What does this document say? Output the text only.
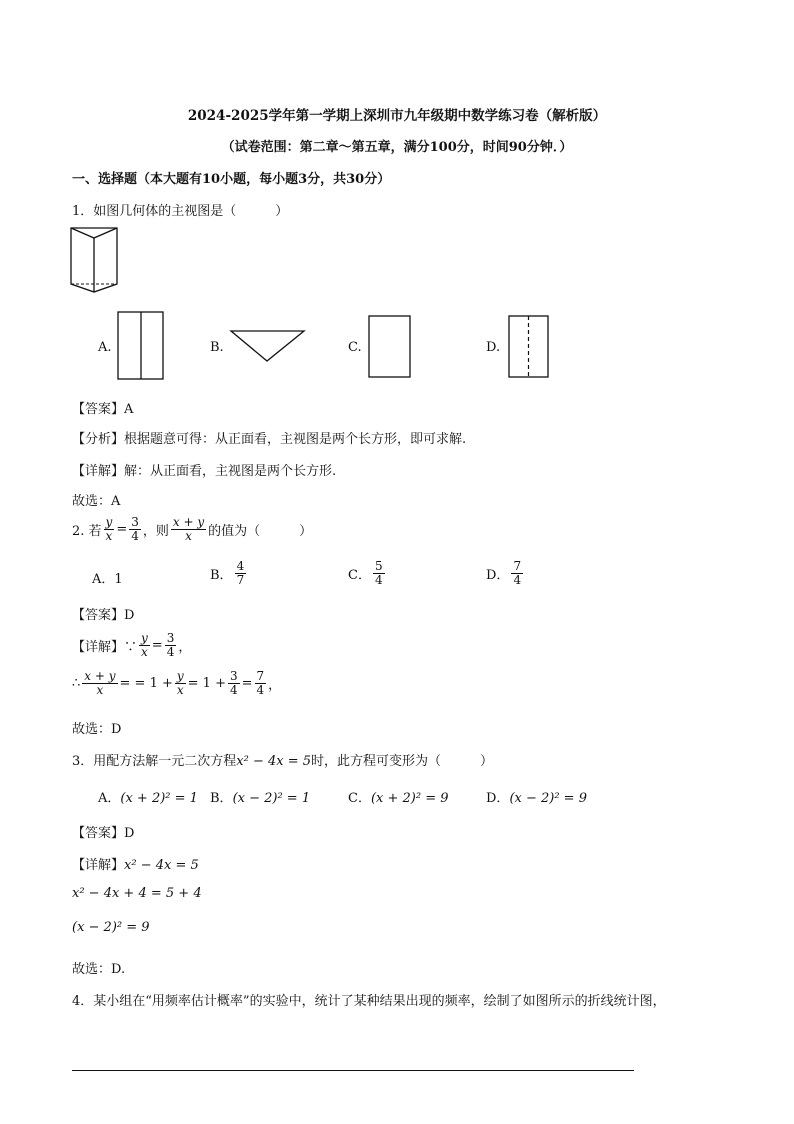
2024-2025学年第一学期上深圳市九年级期中数学练习卷（解析版）
（试卷范围：第二章～第五章，满分100分，时间90分钟．）
一、选择题（本大题有10小题，每小题3分，共30分）
1．如图几何体的主视图是（　　　）
A.	B.	C.	D.
【答案】A
【分析】根据题意可得：从正面看，主视图是两个长方形，即可求解.
【详解】解：从正面看，主视图是两个长方形.
故选：A
2. 若 $\frac{y}{x} = \frac{3}{4}$ ，则 $\frac{x + y}{x}$ 的值为（　　　）
A．1	B． $\frac{4}{7}$	C． $\frac{5}{4}$	D． $\frac{7}{4}$
【答案】D
【详解】∵ $\frac{y}{x} = \frac{3}{4}$ ，
∴ $\frac{x + y}{x}$ = = $1 + \frac{y}{x} = 1 + \frac{3}{4} = \frac{7}{4}$ ，
故选：D
3．用配方法解一元二次方程x² − 4x = 5时，此方程可变形为（　　　）
A．(x + 2)² = 1 B．(x − 2)² = 1	C．(x + 2)² = 9	D．(x − 2)² = 9
【答案】D
【详解】x² − 4x = 5
x² − 4x + 4 = 5 + 4
(x − 2)² = 9
故选：D.
4．某小组在“用频率估计概率”的实验中，统计了某种结果出现的频率，绘制了如图所示的折线统计图，
